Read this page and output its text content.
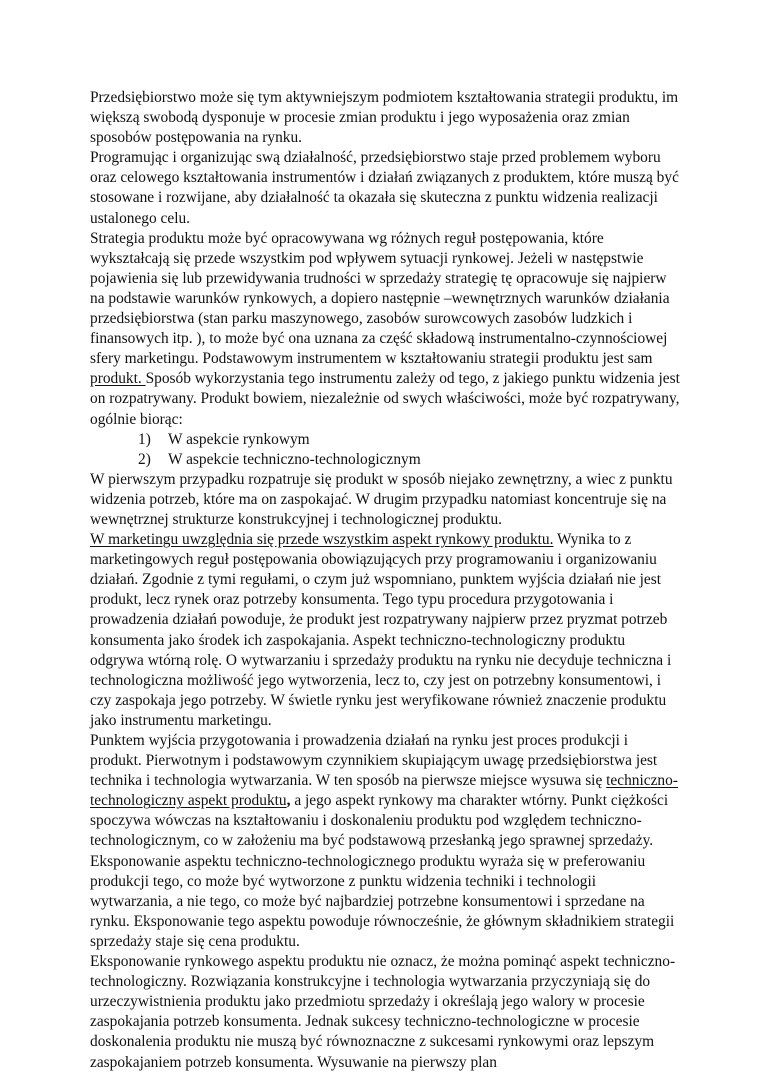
Przedsiębiorstwo może się tym aktywniejszym podmiotem kształtowania strategii produktu, im większą swobodą dysponuje w procesie zmian produktu i jego wyposażenia oraz zmian sposobów postępowania na rynku.

Programując i organizując swą działalność, przedsiębiorstwo staje przed problemem wyboru oraz celowego kształtowania instrumentów i działań związanych z produktem, które muszą być stosowane i rozwijane, aby działalność ta okazała się skuteczna z punktu widzenia realizacji ustalonego celu.

Strategia produktu może być opracowywana wg różnych reguł postępowania, które wykształcają się przede wszystkim pod wpływem sytuacji rynkowej. Jeżeli w następstwie pojawienia się lub przewidywania trudności w sprzedaży strategię tę opracowuje się najpierw na podstawie warunków rynkowych, a dopiero następnie –wewnętrznych warunków działania przedsiębiorstwa (stan parku maszynowego, zasobów surowcowych zasobów ludzkich i finansowych itp. ), to może być ona uznana za część składową instrumentalno-czynnościowej sfery marketingu. Podstawowym instrumentem w kształtowaniu strategii produktu jest sam produkt. Sposób wykorzystania tego instrumentu zależy od tego, z jakiego punktu widzenia jest on rozpatrywany. Produkt bowiem, niezależnie od swych właściwości, może być rozpatrywany, ogólnie biorąc:

1)	W aspekcie rynkowym
2)	W aspekcie techniczno-technologicznym

W pierwszym przypadku rozpatruje się produkt w sposób niejako zewnętrzny, a wiec z punktu widzenia potrzeb, które ma on zaspokajać. W drugim przypadku natomiast koncentruje się na wewnętrznej strukturze konstrukcyjnej i technologicznej produktu.

W marketingu uwzględnia się przede wszystkim aspekt rynkowy produktu. Wynika to z marketingowych reguł postępowania obowiązujących przy programowaniu i organizowaniu działań. Zgodnie z tymi regułami, o czym już wspomniano, punktem wyjścia działań nie jest produkt, lecz rynek oraz potrzeby konsumenta. Tego typu procedura przygotowania i prowadzenia działań powoduje, że produkt jest rozpatrywany najpierw przez pryzmat potrzeb konsumenta jako środek ich zaspokajania. Aspekt techniczno-technologiczny produktu odgrywa wtórną rolę. O wytwarzaniu i sprzedaży produktu na rynku nie decyduje techniczna i technologiczna możliwość jego wytworzenia, lecz to, czy jest on potrzebny konsumentowi, i czy zaspokaja jego potrzeby. W świetle rynku jest weryfikowane również znaczenie produktu jako instrumentu marketingu.

Punktem wyjścia przygotowania i prowadzenia działań na rynku jest proces produkcji i produkt. Pierwotnym i podstawowym czynnikiem skupiającym uwagę przedsiębiorstwa jest technika i technologia wytwarzania. W ten sposób na pierwsze miejsce wysuwa się techniczno-technologiczny aspekt produktu, a jego aspekt rynkowy ma charakter wtórny. Punkt ciężkości spoczywa wówczas na kształtowaniu i doskonaleniu produktu pod względem techniczno-technologicznym, co w założeniu ma być podstawową przesłanką jego sprawnej sprzedaży.

Eksponowanie aspektu techniczno-technologicznego produktu wyraża się w preferowaniu produkcji tego, co może być wytworzone z punktu widzenia techniki i technologii wytwarzania, a nie tego, co może być najbardziej potrzebne konsumentowi i sprzedane na rynku. Eksponowanie tego aspektu powoduje równocześnie, że głównym składnikiem strategii sprzedaży staje się cena produktu.

Eksponowanie rynkowego aspektu produktu nie oznacz, że można pominąć aspekt techniczno-technologiczny. Rozwiązania konstrukcyjne i technologia wytwarzania przyczyniają się do urzeczywistnienia produktu jako przedmiotu sprzedaży i określają jego walory w procesie zaspokajania potrzeb konsumenta. Jednak sukcesy techniczno-technologiczne w procesie doskonalenia produktu nie muszą być równoznaczne z sukcesami rynkowymi oraz lepszym zaspokajaniem potrzeb konsumenta. Wysuwanie na pierwszy plan
